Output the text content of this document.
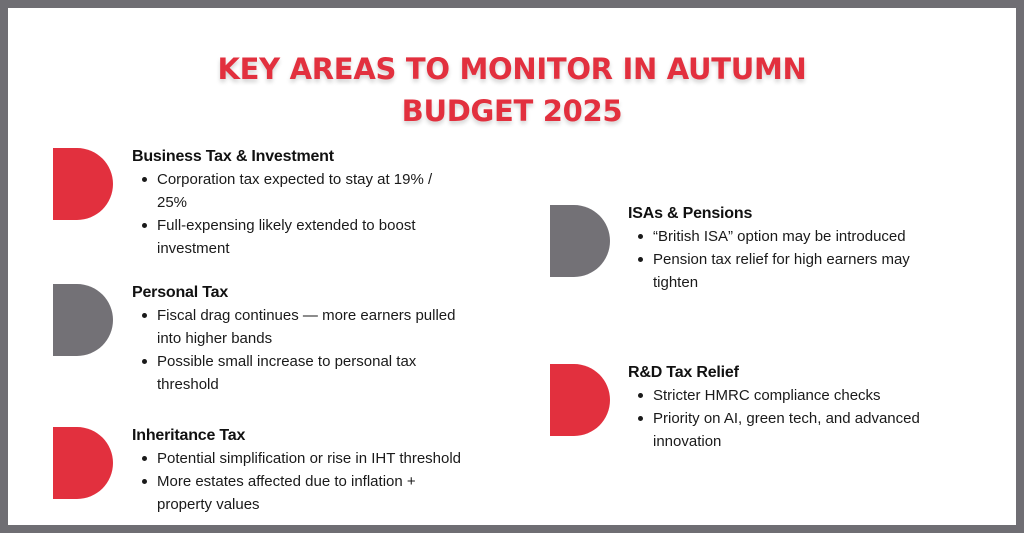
KEY AREAS TO MONITOR IN AUTUMN
BUDGET 2025
Business Tax & Investment
Corporation tax expected to stay at 19% / 25%
Full-expensing likely extended to boost investment
Personal Tax
Fiscal drag continues — more earners pulled into higher bands
Possible small increase to personal tax threshold
Inheritance Tax
Potential simplification or rise in IHT threshold
More estates affected due to inflation + property values
ISAs & Pensions
“British ISA” option may be introduced
Pension tax relief for high earners may tighten
R&D Tax Relief
Stricter HMRC compliance checks
Priority on AI, green tech, and advanced innovation
